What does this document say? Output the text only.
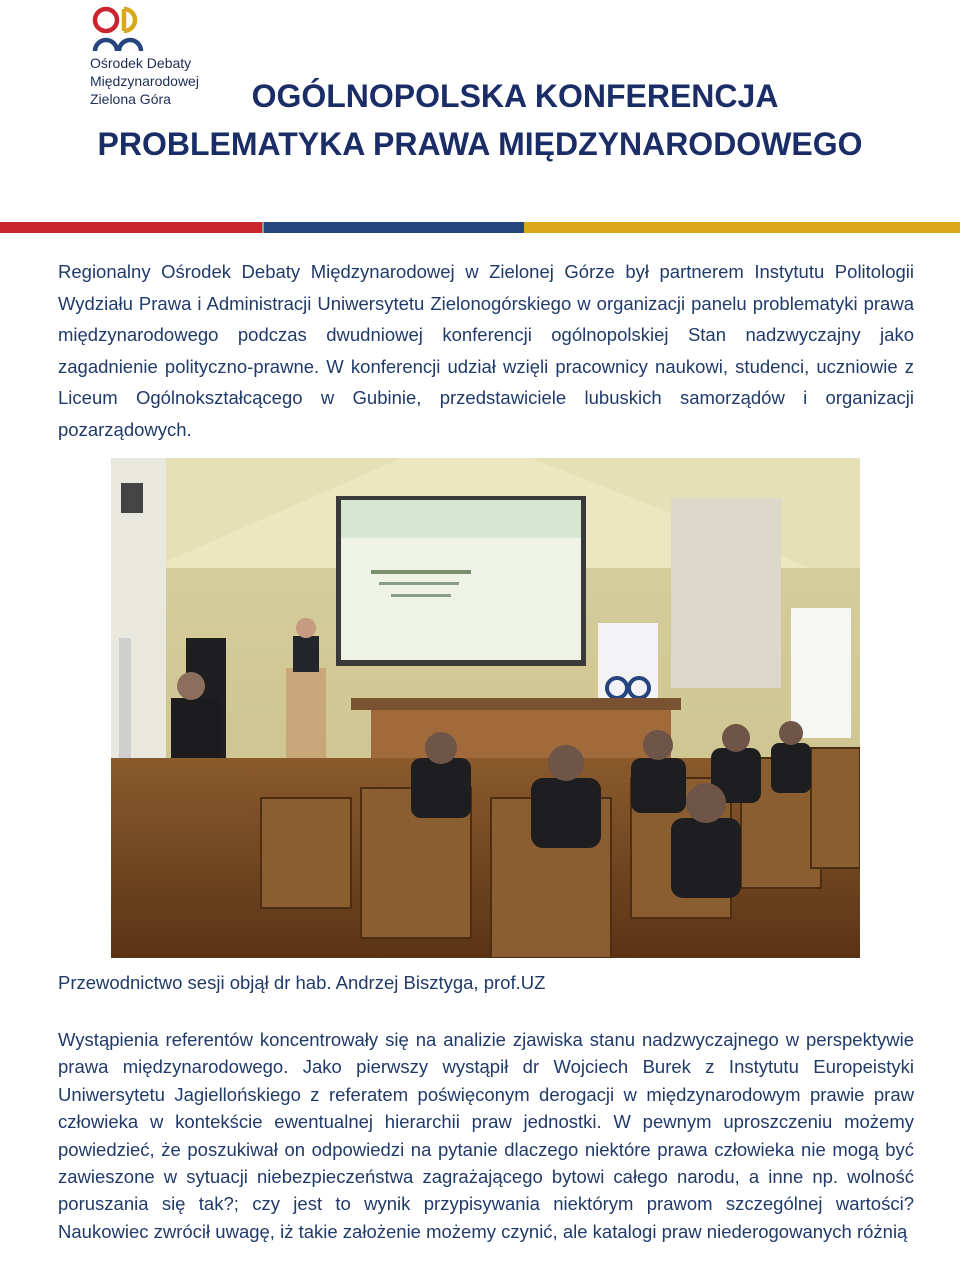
Ośrodek Debaty
Międzynarodowej
Zielona Góra	OGÓLNOPOLSKA KONFERENCJA
PROBLEMATYKA PRAWA MIĘDZYNARODOWEGO
Regionalny Ośrodek Debaty Międzynarodowej w Zielonej Górze był partnerem Instytutu Politologii Wydziału Prawa i Administracji Uniwersytetu Zielonogórskiego w organizacji panelu problematyki prawa międzynarodowego podczas dwudniowej konferencji ogólnopolskiej Stan nadzwyczajny jako zagadnienie polityczno-prawne. W konferencji udział wzięli pracownicy naukowi, studenci, uczniowie z Liceum Ogólnokształcącego w Gubinie, przedstawiciele lubuskich samorządów i organizacji pozarządowych.
Przewodnictwo sesji objął dr hab. Andrzej Bisztyga, prof.UZ
Wystąpienia referentów koncentrowały się na analizie zjawiska stanu nadzwyczajnego w perspektywie prawa międzynarodowego. Jako pierwszy wystąpił dr Wojciech Burek z Instytutu Europeistyki Uniwersytetu Jagiellońskiego z referatem poświęconym derogacji w międzynarodowym prawie praw człowieka w kontekście ewentualnej hierarchii praw jednostki. W pewnym uproszczeniu możemy powiedzieć, że poszukiwał on odpowiedzi na pytanie dlaczego niektóre prawa człowieka nie mogą być zawieszone w sytuacji niebezpieczeństwa zagrażającego bytowi całego narodu, a inne np. wolność poruszania się tak?; czy jest to wynik przypisywania niektórym prawom szczególnej wartości? Naukowiec zwrócił uwagę, iż takie założenie możemy czynić, ale katalogi praw niederogowanych różnią
